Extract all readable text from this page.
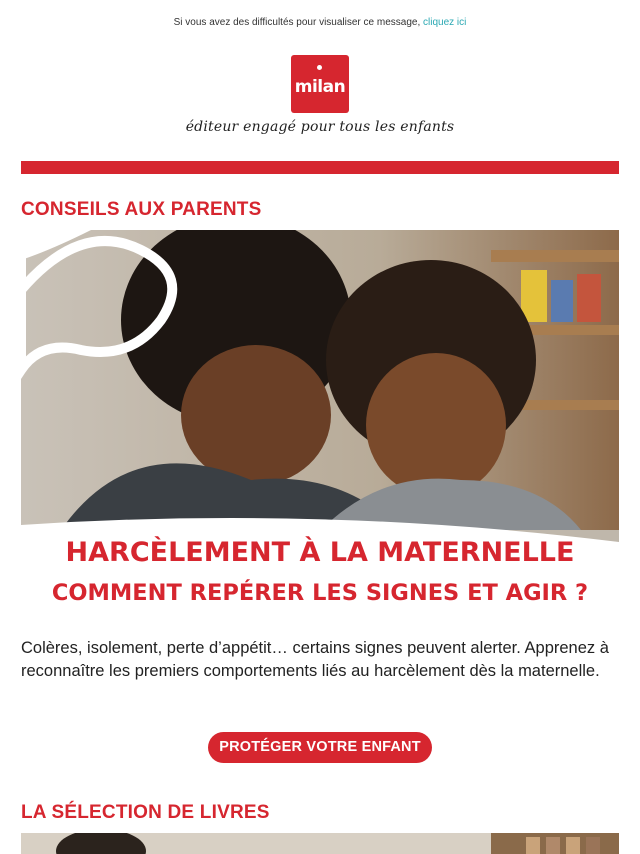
Si vous avez des difficultés pour visualiser ce message, cliquez ici
milan
éditeur engagé pour tous les enfants
CONSEILS AUX PARENTS
HARCÈLEMENT À LA MATERNELLE
COMMENT REPÉRER LES SIGNES ET AGIR ?
Colères, isolement, perte d’appétit… certains signes peuvent alerter. Apprenez à reconnaître les premiers comportements liés au harcèlement dès la maternelle.
PROTÉGER VOTRE ENFANT
LA SÉLECTION DE LIVRES
